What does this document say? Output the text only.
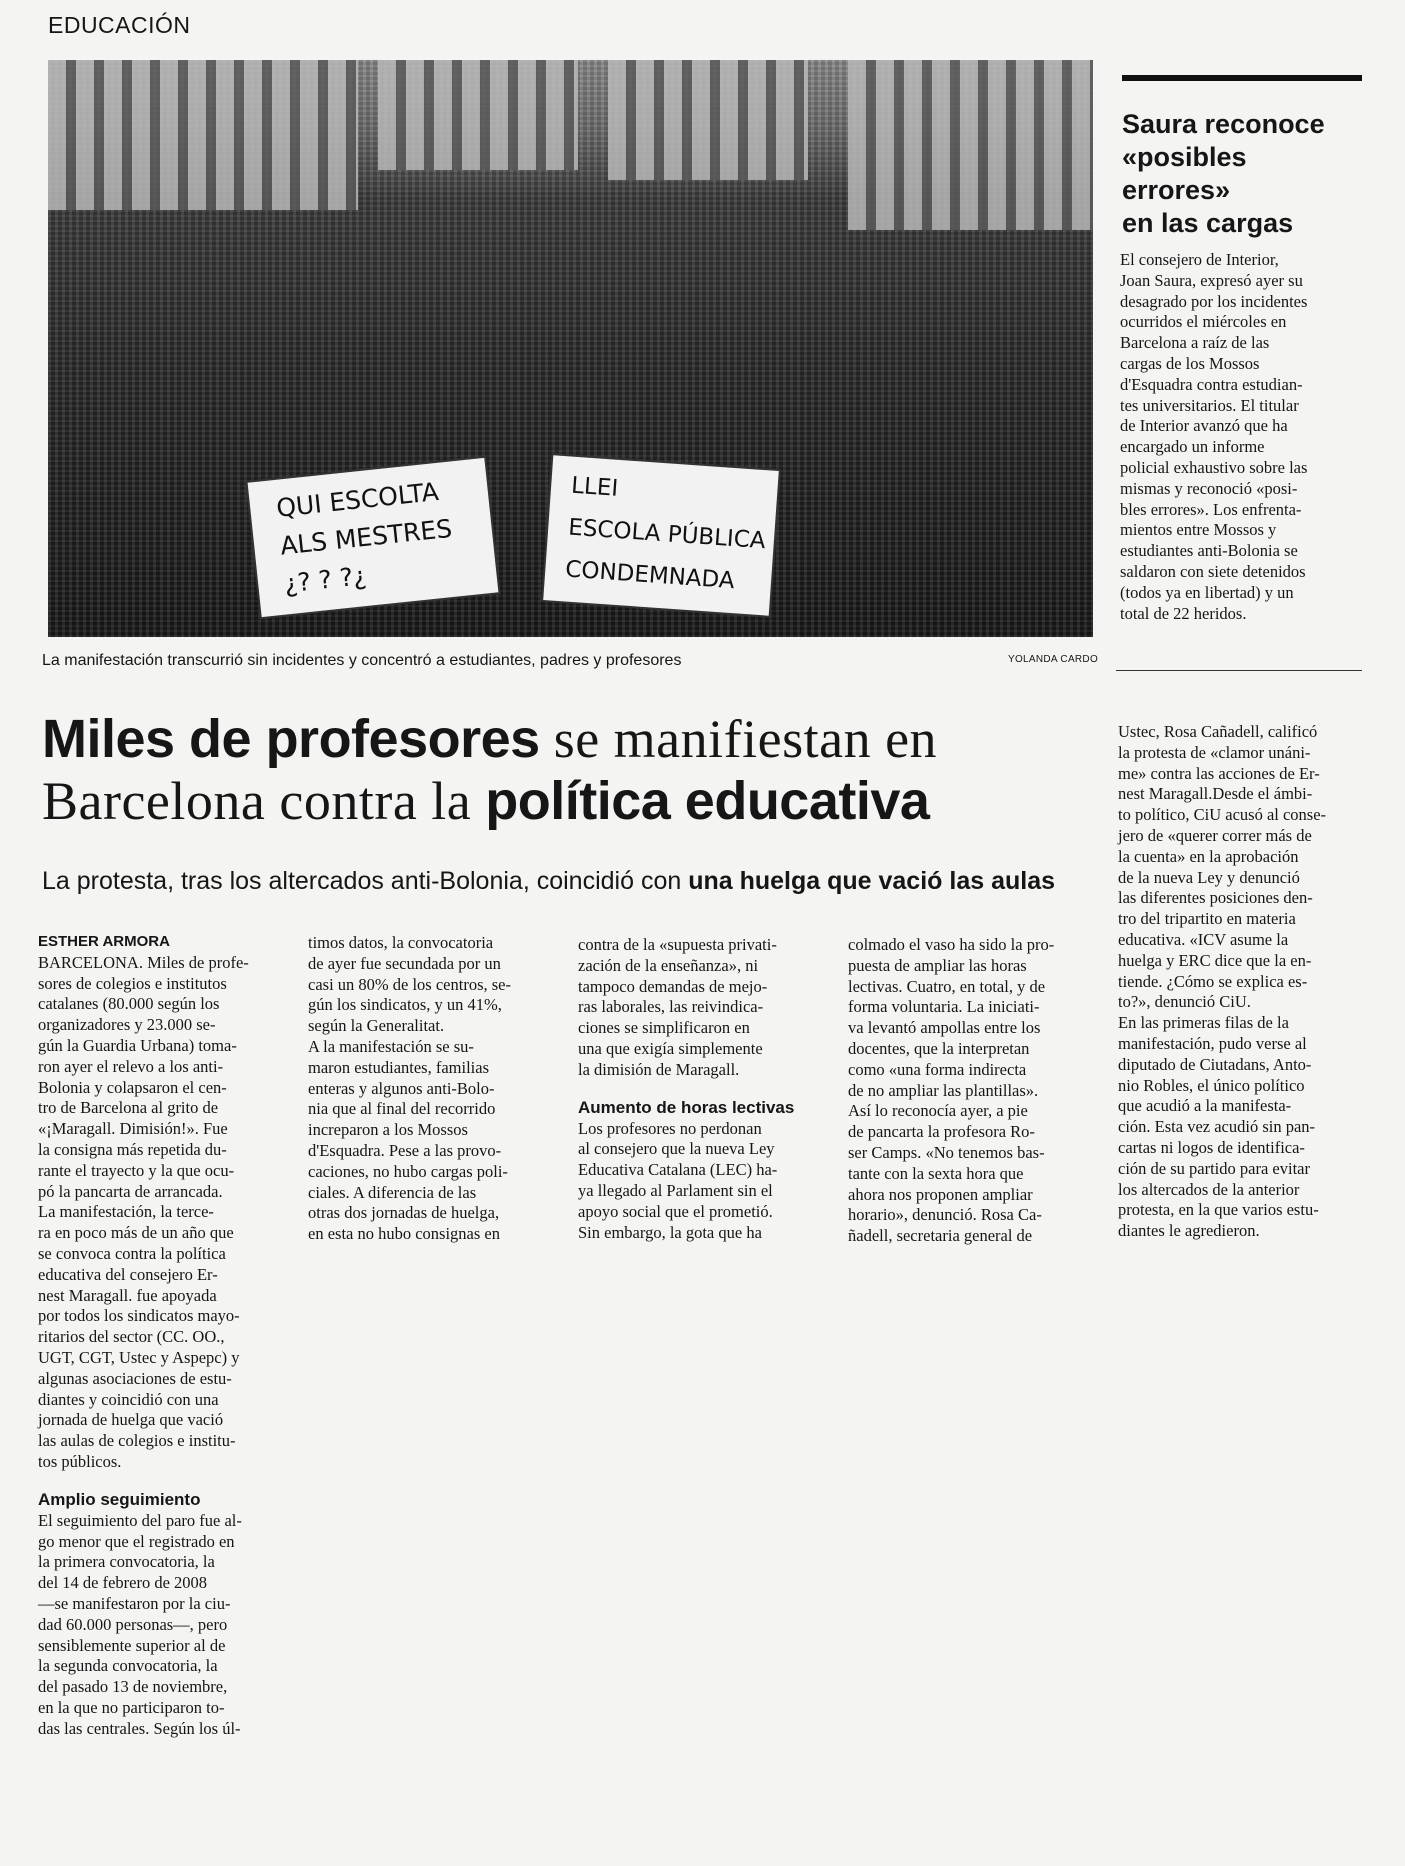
EDUCACIÓN
QUI ESCOLTA
ALS MESTRES
¿? ? ?¿
LLEI
ESCOLA PÚBLICA
CONDEMNADA
La manifestación transcurrió sin incidentes y concentró a estudiantes, padres y profesores	YOLANDA CARDO
Saura reconoce
«posibles errores»
en las cargas
El consejero de Interior,
Joan Saura, expresó ayer su
desagrado por los incidentes
ocurridos el miércoles en
Barcelona a raíz de las
cargas de los Mossos
d'Esquadra contra estudian-
tes universitarios. El titular
de Interior avanzó que ha
encargado un informe
policial exhaustivo sobre las
mismas y reconoció «posi-
bles errores». Los enfrenta-
mientos entre Mossos y
estudiantes anti-Bolonia se
saldaron con siete detenidos
(todos ya en libertad) y un
total de 22 heridos.
Miles de profesores se manifiestan en
Barcelona contra la política educativa
La protesta, tras los altercados anti-Bolonia, coincidió con una huelga que vació las aulas
ESTHER ARMORA
BARCELONA. Miles de profe-
sores de colegios e institutos
catalanes (80.000 según los
organizadores y 23.000 se-
gún la Guardia Urbana) toma-
ron ayer el relevo a los anti-
Bolonia y colapsaron el cen-
tro de Barcelona al grito de
«¡Maragall. Dimisión!». Fue
la consigna más repetida du-
rante el trayecto y la que ocu-
pó la pancarta de arrancada.
La manifestación, la terce-
ra en poco más de un año que
se convoca contra la política
educativa del consejero Er-
nest Maragall. fue apoyada
por todos los sindicatos mayo-
ritarios del sector (CC. OO.,
UGT, CGT, Ustec y Aspepc) y
algunas asociaciones de estu-
diantes y coincidió con una
jornada de huelga que vació
las aulas de colegios e institu-
tos públicos.
Amplio seguimiento
El seguimiento del paro fue al-
go menor que el registrado en
la primera convocatoria, la
del 14 de febrero de 2008
—se manifestaron por la ciu-
dad 60.000 personas—, pero
sensiblemente superior al de
la segunda convocatoria, la
del pasado 13 de noviembre,
en la que no participaron to-
das las centrales. Según los úl-
timos datos, la convocatoria
de ayer fue secundada por un
casi un 80% de los centros, se-
gún los sindicatos, y un 41%,
según la Generalitat.
A la manifestación se su-
maron estudiantes, familias
enteras y algunos anti-Bolo-
nia que al final del recorrido
increparon a los Mossos
d'Esquadra. Pese a las provo-
caciones, no hubo cargas poli-
ciales. A diferencia de las
otras dos jornadas de huelga,
en esta no hubo consignas en
contra de la «supuesta privati-
zación de la enseñanza», ni
tampoco demandas de mejo-
ras laborales, las reivindica-
ciones se simplificaron en
una que exigía simplemente
la dimisión de Maragall.
Aumento de horas lectivas
Los profesores no perdonan
al consejero que la nueva Ley
Educativa Catalana (LEC) ha-
ya llegado al Parlament sin el
apoyo social que el prometió.
Sin embargo, la gota que ha
colmado el vaso ha sido la pro-
puesta de ampliar las horas
lectivas. Cuatro, en total, y de
forma voluntaria. La iniciati-
va levantó ampollas entre los
docentes, que la interpretan
como «una forma indirecta
de no ampliar las plantillas».
Así lo reconocía ayer, a pie
de pancarta la profesora Ro-
ser Camps. «No tenemos bas-
tante con la sexta hora que
ahora nos proponen ampliar
horario», denunció. Rosa Ca-
ñadell, secretaria general de
Ustec, Rosa Cañadell, calificó
la protesta de «clamor unáni-
me» contra las acciones de Er-
nest Maragall.Desde el ámbi-
to político, CiU acusó al conse-
jero de «querer correr más de
la cuenta» en la aprobación
de la nueva Ley y denunció
las diferentes posiciones den-
tro del tripartito en materia
educativa. «ICV asume la
huelga y ERC dice que la en-
tiende. ¿Cómo se explica es-
to?», denunció CiU.
En las primeras filas de la
manifestación, pudo verse al
diputado de Ciutadans, Anto-
nio Robles, el único político
que acudió a la manifesta-
ción. Esta vez acudió sin pan-
cartas ni logos de identifica-
ción de su partido para evitar
los altercados de la anterior
protesta, en la que varios estu-
diantes le agredieron.
